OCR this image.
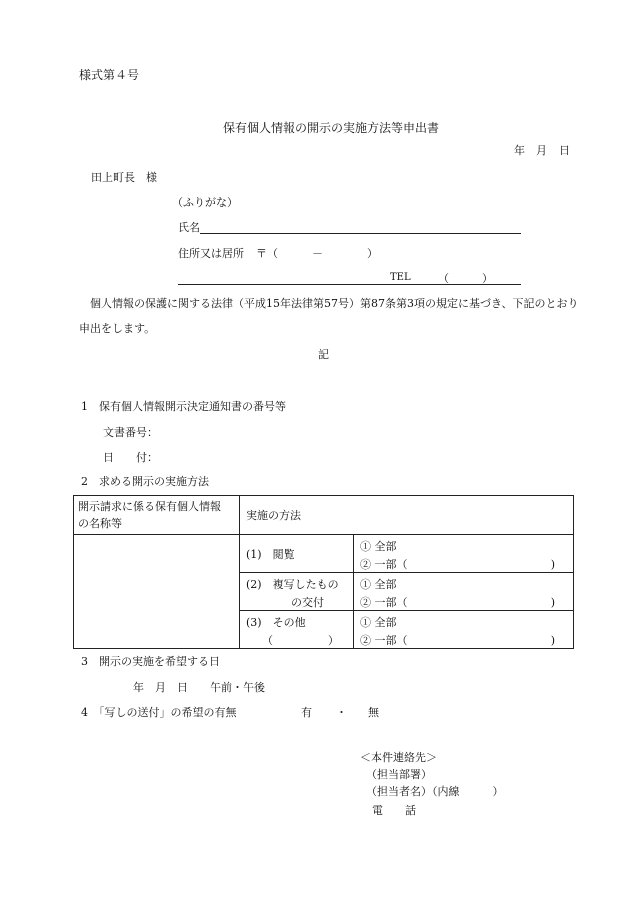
様式第４号
保有個人情報の開示の実施方法等申出書
年 月 日
田上町長　様
（ふりがな）
氏名
住所又は居所 〒（	－	）
TEL （　　　）
個人情報の保護に関する法律（平成15年法律第57号）第87条第3項の規定に基づき、下記のとおり
申出をします。
記
1　保有個人情報開示決定通知書の番号等
文書番号：
日　　付：
2　求める開示の実施方法
開示請求に係る保有個人情報
の名称等	実施の方法	

	(1)　閲覧	① 全部
② 一部（ )

	(2)　複写したもの
の交付	① 全部
② 一部（ )

	(3)　その他
（　　　　　）	① 全部
② 一部（ )
3　開示の実施を希望する日
年　月　日　　午前・午後
4　「写しの送付」の希望の有無	有 ・ 無
＜本件連絡先＞
（担当部署）
（担当者名）（内線　　　）
電　　話
